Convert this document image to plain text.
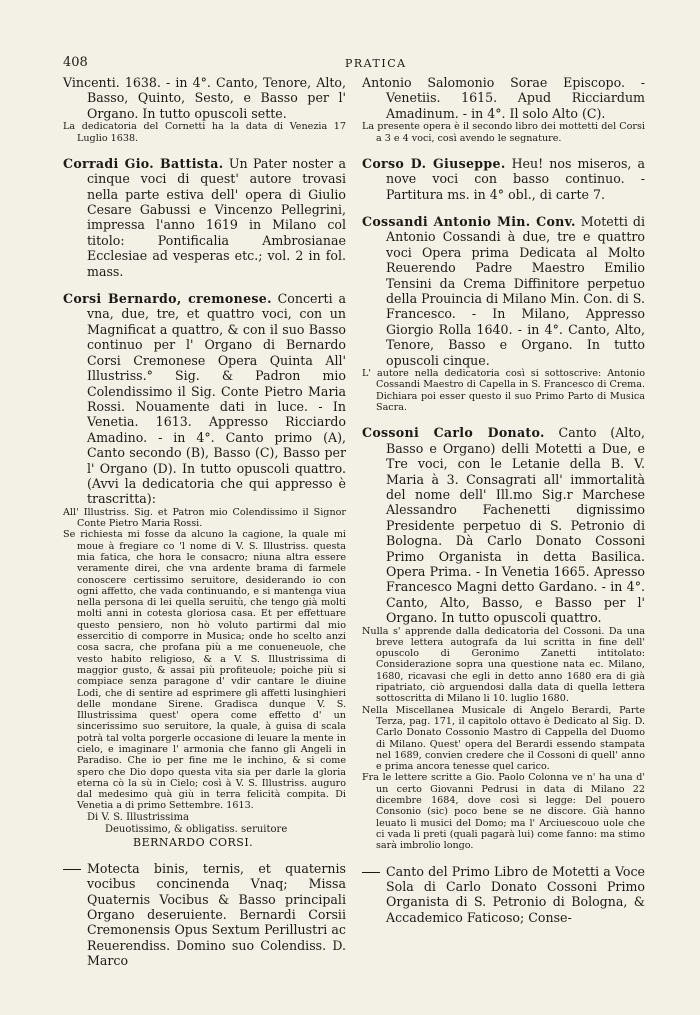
408	PRATICA

Vincenti. 1638. - in 4°. Canto, Tenore, Alto, Basso, Quinto, Sesto, e Basso per l' Organo. In tutto opuscoli sette.

La dedicatoria del Cornetti ha la data di Venezia 17 Luglio 1638.

Corradi Gio. Battista. Un Pater noster a cinque voci di quest' autore trovasi nella parte estiva dell' opera di Giulio Cesare Gabussi e Vincenzo Pellegrini, impressa l'anno 1619 in Milano col titolo: Pontificalia Ambrosianae Ecclesiae ad vesperas etc.; vol. 2 in fol. mass.

Corsi Bernardo, cremonese. Concerti a vna, due, tre, et quattro voci, con un Magnificat a quattro, & con il suo Basso continuo per l' Organo di Bernardo Corsi Cremonese Opera Quinta All' Illustriss.° Sig. & Padron mio Colendissimo il Sig. Conte Pietro Maria Rossi. Nouamente dati in luce. - In Venetia. 1613. Appresso Ricciardo Amadino. - in 4°. Canto primo (A), Canto secondo (B), Basso (C), Basso per l' Organo (D). In tutto opuscoli quattro. (Avvi la dedicatoria che qui appresso è trascritta):

All' Illustriss. Sig. et Patron mio Colendissimo il Signor Conte Pietro Maria Rossi.

Se richiesta mi fosse da alcuno la cagione, la quale mi moue à fregiare co 'l nome di V. S. Illustriss. questa mia fatica, che hora le consacro; niuna altra essere veramente direi, che vna ardente brama di farmele conoscere certissimo seruitore, desiderando io con ogni affetto, che vada continuando, e si mantenga viua nella persona di lei quella seruitù, che tengo già molti molti anni in cotesta gloriosa casa. Et per effettuare questo pensiero, non hò voluto partirmi dal mio essercitio di comporre in Musica; onde ho scelto anzi cosa sacra, che profana più a me conueneuole, che vesto habito religioso, & a V. S. Illustrissima di maggior gusto, & assai più profiteuole; poiche più si compiace senza paragone d' vdir cantare le diuine Lodi, che di sentire ad esprimere gli affetti lusinghieri delle mondane Sirene. Gradisca dunque V. S. Illustrissima quest' opera come effetto d' un sincerissimo suo seruitore, la quale, à guisa di scala potrà tal volta porgerle occasione di leuare la mente in cielo, e imaginare l' armonia che fanno gli Angeli in Paradiso. Che io per fine me le inchino, & si come spero che Dio dopo questa vita sia per darle la gloria eterna cò la sù in Cielo; così à V. S. Illustriss. auguro dal medesimo quà giù in terra felicità compita. Di Venetia a di primo Settembre. 1613.

Di V. S. Illustrissima
Deuotissimo, & obligatiss. seruitore
BERNARDO CORSI.

Motecta binis, ternis, et quaternis vocibus concinenda Vnaq; Missa Quaternis Vocibus & Basso principali Organo deseruiente. Bernardi Corsii Cremonensis Opus Sextum Perillustri ac Reuerendiss. Domino suo Colendiss. D. Marco

Antonio Salomonio Sorae Episcopo. - Venetiis. 1615. Apud Ricciardum Amadinum. - in 4°. Il solo Alto (C).

La presente opera è il secondo libro dei mottetti del Corsi a 3 e 4 voci, così avendo le segnature.

Corso D. Giuseppe. Heu! nos miseros, a nove voci con basso continuo. - Partitura ms. in 4° obl., di carte 7.

Cossandi Antonio Min. Conv. Motetti di Antonio Cossandi à due, tre e quattro voci Opera prima Dedicata al Molto Reuerendo Padre Maestro Emilio Tensini da Crema Diffinitore perpetuo della Prouincia di Milano Min. Con. di S. Francesco. - In Milano, Appresso Giorgio Rolla 1640. - in 4°. Canto, Alto, Tenore, Basso e Organo. In tutto opuscoli cinque.

L' autore nella dedicatoria così si sottoscrive: Antonio Cossandi Maestro di Capella in S. Francesco di Crema. Dichiara poi esser questo il suo Primo Parto di Musica Sacra.

Cossoni Carlo Donato. Canto (Alto, Basso e Organo) delli Motetti a Due, e Tre voci, con le Letanie della B. V. Maria à 3. Consagrati all' immortalità del nome dell' Ill.mo Sig.r Marchese Alessandro Fachenetti dignissimo Presidente perpetuo di S. Petronio di Bologna. Dà Carlo Donato Cossoni Primo Organista in detta Basilica. Opera Prima. - In Venetia 1665. Apresso Francesco Magni detto Gardano. - in 4°. Canto, Alto, Basso, e Basso per l' Organo. In tutto opuscoli quattro.

Nulla s' apprende dalla dedicatoria del Cossoni. Da una breve lettera autografa da lui scritta in fine dell' opuscolo di Geronimo Zanetti intitolato: Considerazione sopra una questione nata ec. Milano, 1680, ricavasi che egli in detto anno 1680 era di già ripatriato, ciò arguendosi dalla data di quella lettera sottoscritta di Milano li 10. luglio 1680.

Nella Miscellanea Musicale di Angelo Berardi, Parte Terza, pag. 171, il capitolo ottavo è Dedicato al Sig. D. Carlo Donato Cossonio Mastro di Cappella del Duomo di Milano. Quest' opera del Berardi essendo stampata nel 1689, convien credere che il Cossoni di quell' anno e prima ancora tenesse quel carico.

Fra le lettere scritte a Gio. Paolo Colonna ve n' ha una d' un certo Giovanni Pedrusi in data di Milano 22 dicembre 1684, dove così si legge: Del pouero Consonio (sic) poco bene se ne discore. Già hanno leuato li musici del Domo; ma l' Arciuescouo uole che ci vada li preti (quali pagarà lui) come fanno: ma stimo sarà imbrolio longo.

Canto del Primo Libro de Motetti a Voce Sola di Carlo Donato Cossoni Primo Organista di S. Petronio di Bologna, & Accademico Faticoso; Conse-
